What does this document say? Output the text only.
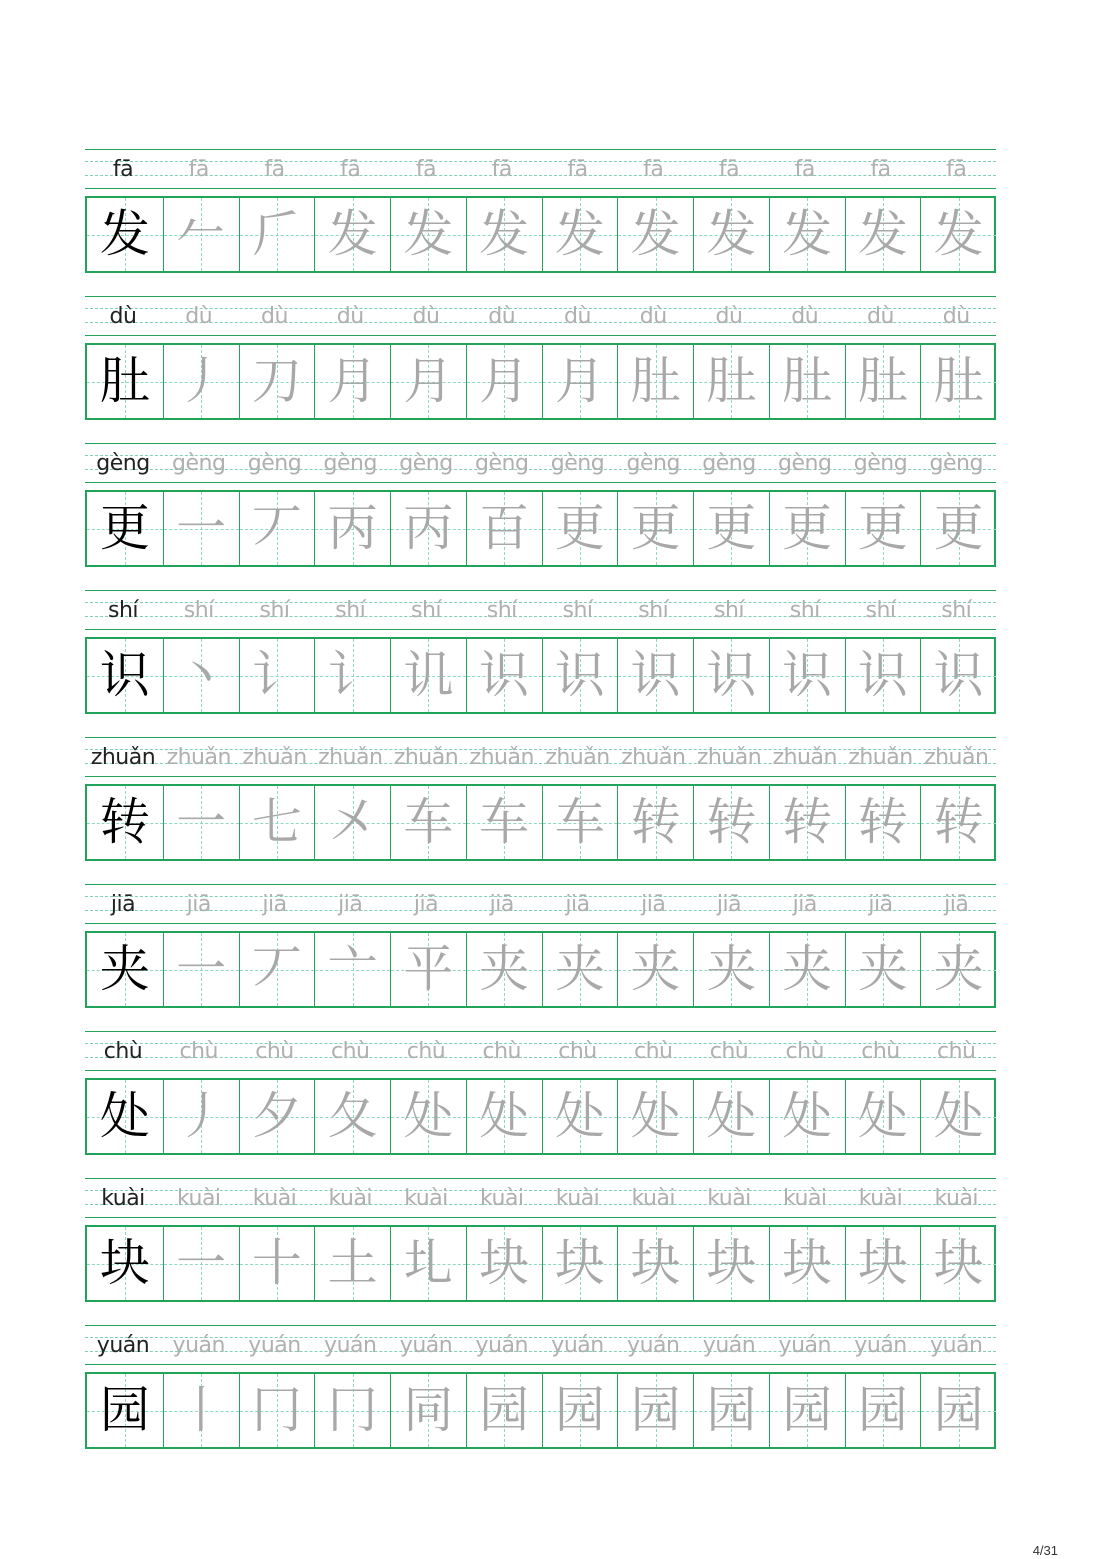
fā	fā	fā	fā	fā	fā	fā	fā	fā	fā	fā	fā
发 𠂉 𠂆 发 发 发 发 发 发 发 发 发
dù	dù	dù	dù	dù	dù	dù	dù	dù	dù	dù	dù
肚 丿 刀 月 月 月 月 肚 肚 肚 肚 肚
gèng	gèng	gèng	gèng	gèng	gèng	gèng	gèng	gèng	gèng	gèng	gèng
更 一 丆 丙 丙 百 更 更 更 更 更 更
shí	shí	shí	shí	shí	shí	shí	shí	shí	shí	shí	shí
识 丶 讠 讠 讥 识 识 识 识 识 识 识
zhuǎn zhuǎn zhuǎn zhuǎn zhuǎn zhuǎn zhuǎn zhuǎn zhuǎn zhuǎn zhuǎn zhuǎn
转 一 七 㐅 车 车 车 转 转 转 转 转
jiā	jiā	jiā	jiā	jiā	jiā	jiā	jiā	jiā	jiā	jiā	jiā
夹 一 丆 亠 平 夹 夹 夹 夹 夹 夹 夹
chù	chù	chù	chù	chù	chù	chù	chù	chù	chù	chù	chù
处 丿 夕 夂 处 处 处 处 处 处 处 处
kuài	kuài	kuài	kuài	kuài	kuài	kuài	kuài	kuài	kuài	kuài	kuài
块 一 十 土 圠 块 块 块 块 块 块 块
yuán	yuán	yuán	yuán	yuán	yuán	yuán	yuán	yuán	yuán	yuán	yuán
园 丨 冂 冂 同 园 园 园 园 园 园 园
4/31
